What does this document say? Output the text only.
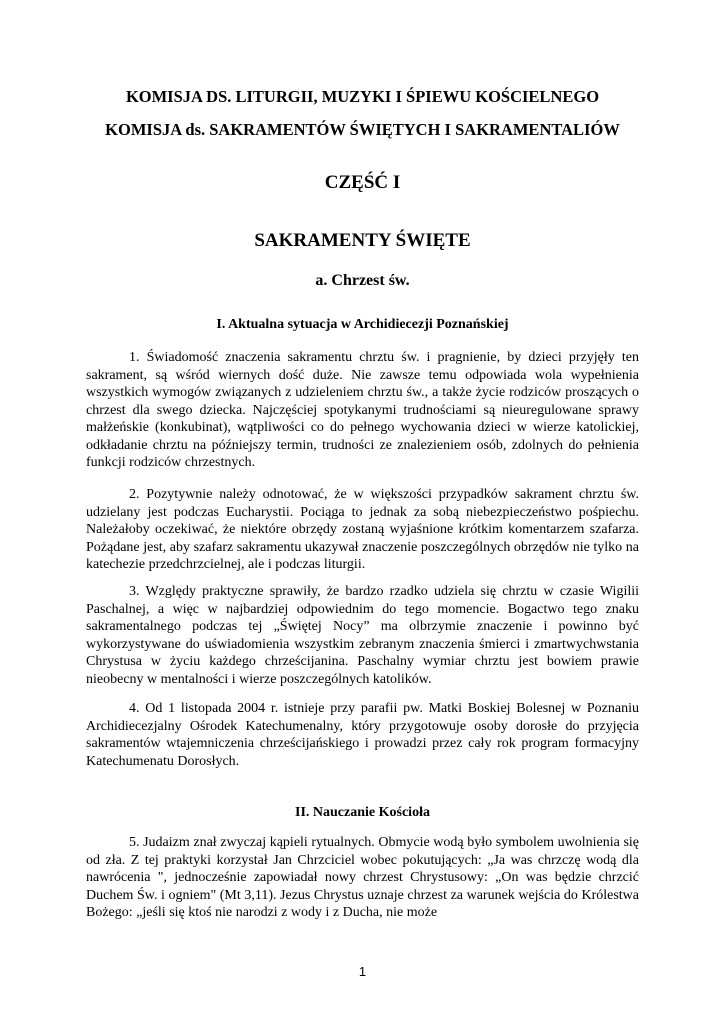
KOMISJA DS. LITURGII, MUZYKI I ŚPIEWU KOŚCIELNEGO
KOMISJA ds. SAKRAMENTÓW ŚWIĘTYCH I SAKRAMENTALIÓW
CZĘŚĆ I
SAKRAMENTY ŚWIĘTE
a. Chrzest św.
I. Aktualna sytuacja w Archidiecezji Poznańskiej

1. Świadomość znaczenia sakramentu chrztu św. i pragnienie, by dzieci przyjęły ten sakrament, są wśród wiernych dość duże. Nie zawsze temu odpowiada wola wypełnienia wszystkich wymogów związanych z udzieleniem chrztu św., a także życie rodziców proszących o chrzest dla swego dziecka. Najczęściej spotykanymi trudnościami są nieuregulowane sprawy małżeńskie (konkubinat), wątpliwości co do pełnego wychowania dzieci w wierze katolickiej, odkładanie chrztu na późniejszy termin, trudności ze znalezieniem osób, zdolnych do pełnienia funkcji rodziców chrzestnych.

2. Pozytywnie należy odnotować, że w większości przypadków sakrament chrztu św. udzielany jest podczas Eucharystii. Pociąga to jednak za sobą niebezpieczeństwo pośpiechu. Należałoby oczekiwać, że niektóre obrzędy zostaną wyjaśnione krótkim komentarzem szafarza. Pożądane jest, aby szafarz sakramentu ukazywał znaczenie poszczególnych obrzędów nie tylko na katechezie przedchrzcielnej, ale i podczas liturgii.

3. Względy praktyczne sprawiły, że bardzo rzadko udziela się chrztu w czasie Wigilii Paschalnej, a więc w najbardziej odpowiednim do tego momencie. Bogactwo tego znaku sakramentalnego podczas tej „Świętej Nocy” ma olbrzymie znaczenie i powinno być wykorzystywane do uświadomienia wszystkim zebranym znaczenia śmierci i zmartwychwstania Chrystusa w życiu każdego chrześcijanina. Paschalny wymiar chrztu jest bowiem prawie nieobecny w mentalności i wierze poszczególnych katolików.

4. Od 1 listopada 2004 r. istnieje przy parafii pw. Matki Boskiej Bolesnej w Poznaniu Archidiecezjalny Ośrodek Katechumenalny, który przygotowuje osoby dorosłe do przyjęcia sakramentów wtajemniczenia chrześcijańskiego i prowadzi przez cały rok program formacyjny Katechumenatu Dorosłych.

II. Nauczanie Kościoła

5. Judaizm znał zwyczaj kąpieli rytualnych. Obmycie wodą było symbolem uwolnienia się od zła. Z tej praktyki korzystał Jan Chrzciciel wobec pokutujących: „Ja was chrzczę wodą dla nawrócenia ", jednocześnie zapowiadał nowy chrzest Chrystusowy: „On was będzie chrzcić Duchem Św. i ogniem" (Mt 3,11). Jezus Chrystus uznaje chrzest za warunek wejścia do Królestwa Bożego: „jeśli się ktoś nie narodzi z wody i z Ducha, nie może

1
